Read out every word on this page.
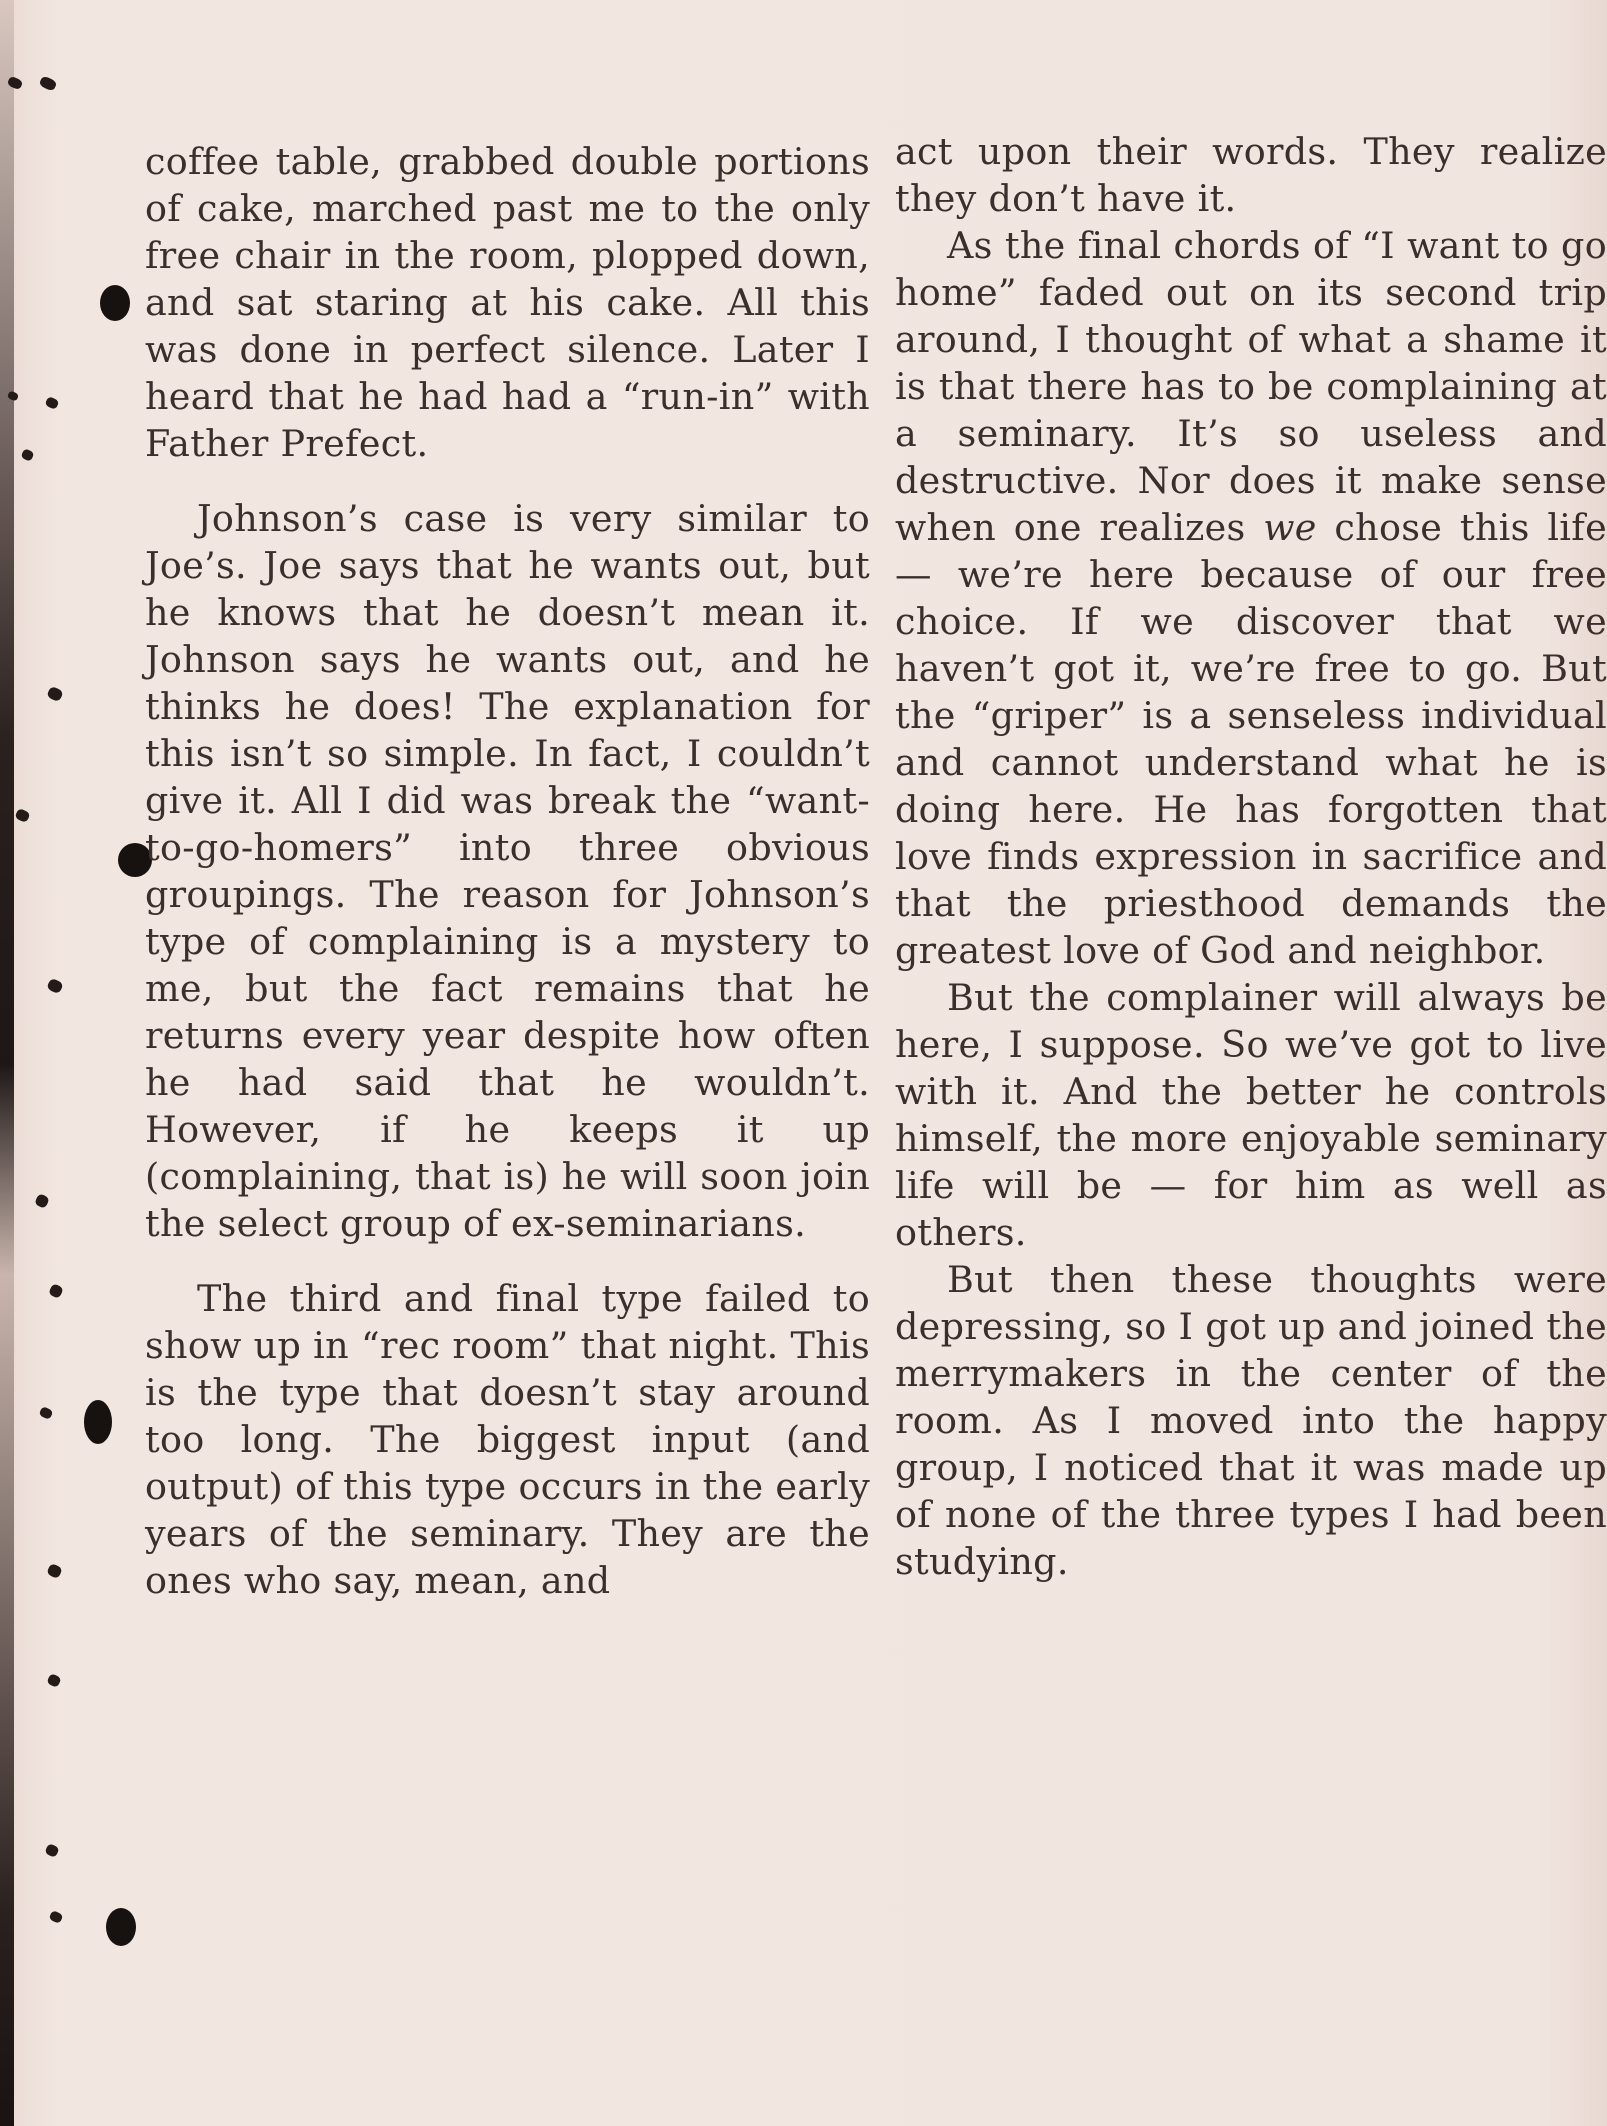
coffee table, grabbed double portions of cake, marched past me to the only free chair in the room, plopped down, and sat staring at his cake. All this was done in perfect silence. Later I heard that he had had a “run-in” with Father Prefect.

Johnson’s case is very similar to Joe’s. Joe says that he wants out, but he knows that he doesn’t mean it. Johnson says he wants out, and he thinks he does! The explanation for this isn’t so simple. In fact, I couldn’t give it. All I did was break the “want-to-go-homers” into three obvious groupings. The reason for Johnson’s type of complaining is a mystery to me, but the fact remains that he returns every year despite how often he had said that he wouldn’t. However, if he keeps it up (complaining, that is) he will soon join the select group of ex-seminarians.

The third and final type failed to show up in “rec room” that night. This is the type that doesn’t stay around too long. The biggest input (and output) of this type occurs in the early years of the seminary. They are the ones who say, mean, and

act upon their words. They realize they don’t have it.

As the final chords of “I want to go home” faded out on its second trip around, I thought of what a shame it is that there has to be complaining at a seminary. It’s so useless and destructive. Nor does it make sense when one realizes we chose this life — we’re here because of our free choice. If we discover that we haven’t got it, we’re free to go. But the “griper” is a senseless individual and cannot understand what he is doing here. He has forgotten that love finds expression in sacrifice and that the priesthood demands the greatest love of God and neighbor.

But the complainer will always be here, I suppose. So we’ve got to live with it. And the better he controls himself, the more enjoyable seminary life will be — for him as well as others.

But then these thoughts were depressing, so I got up and joined the merrymakers in the center of the room. As I moved into the happy group, I noticed that it was made up of none of the three types I had been studying.
